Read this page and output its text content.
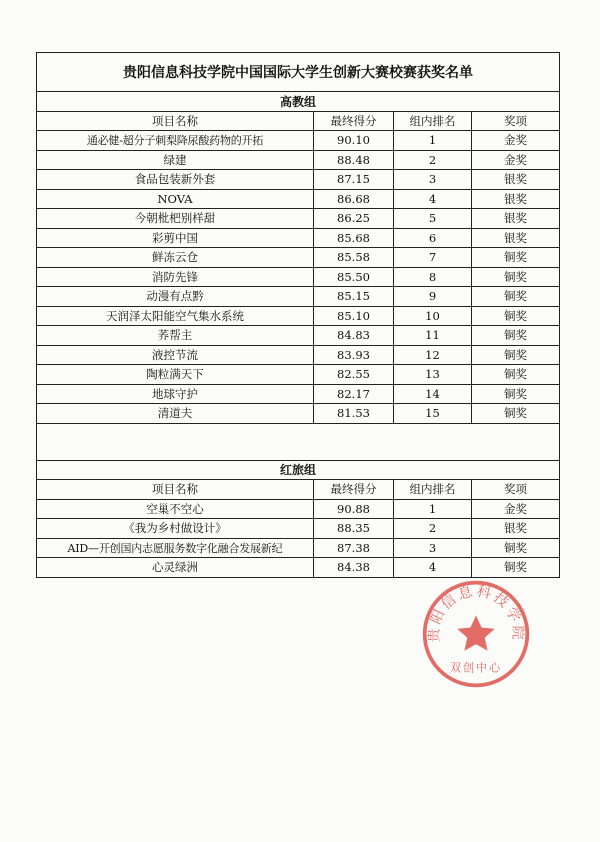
贵阳信息科技学院中国国际大学生创新大赛校赛获奖名单			
高教组			
项目名称	最终得分	组内排名	奖项
通必健-超分子刺梨降尿酸药物的开拓	90.10	1	金奖
绿建	88.48	2	金奖
食品包装新外套	87.15	3	银奖
NOVA	86.68	4	银奖
今朝枇杷别样甜	86.25	5	银奖
彩剪中国	85.68	6	银奖
鲜冻云仓	85.58	7	铜奖
消防先锋	85.50	8	铜奖
动漫有点黔	85.15	9	铜奖
天润泽太阳能空气集水系统	85.10	10	铜奖
荞帮主	84.83	11	铜奖
液控节流	83.93	12	铜奖
陶粒满天下	82.55	13	铜奖
地球守护	82.17	14	铜奖
清道夫	81.53	15	铜奖

红旅组			
项目名称	最终得分	组内排名	奖项
空巢不空心	90.88	1	金奖
《我为乡村做设计》	88.35	2	银奖
AID—开创国内志愿服务数字化融合发展新纪	87.38	3	铜奖
心灵绿洲	84.38	4	铜奖
贵阳信息科技学院
双创中心
